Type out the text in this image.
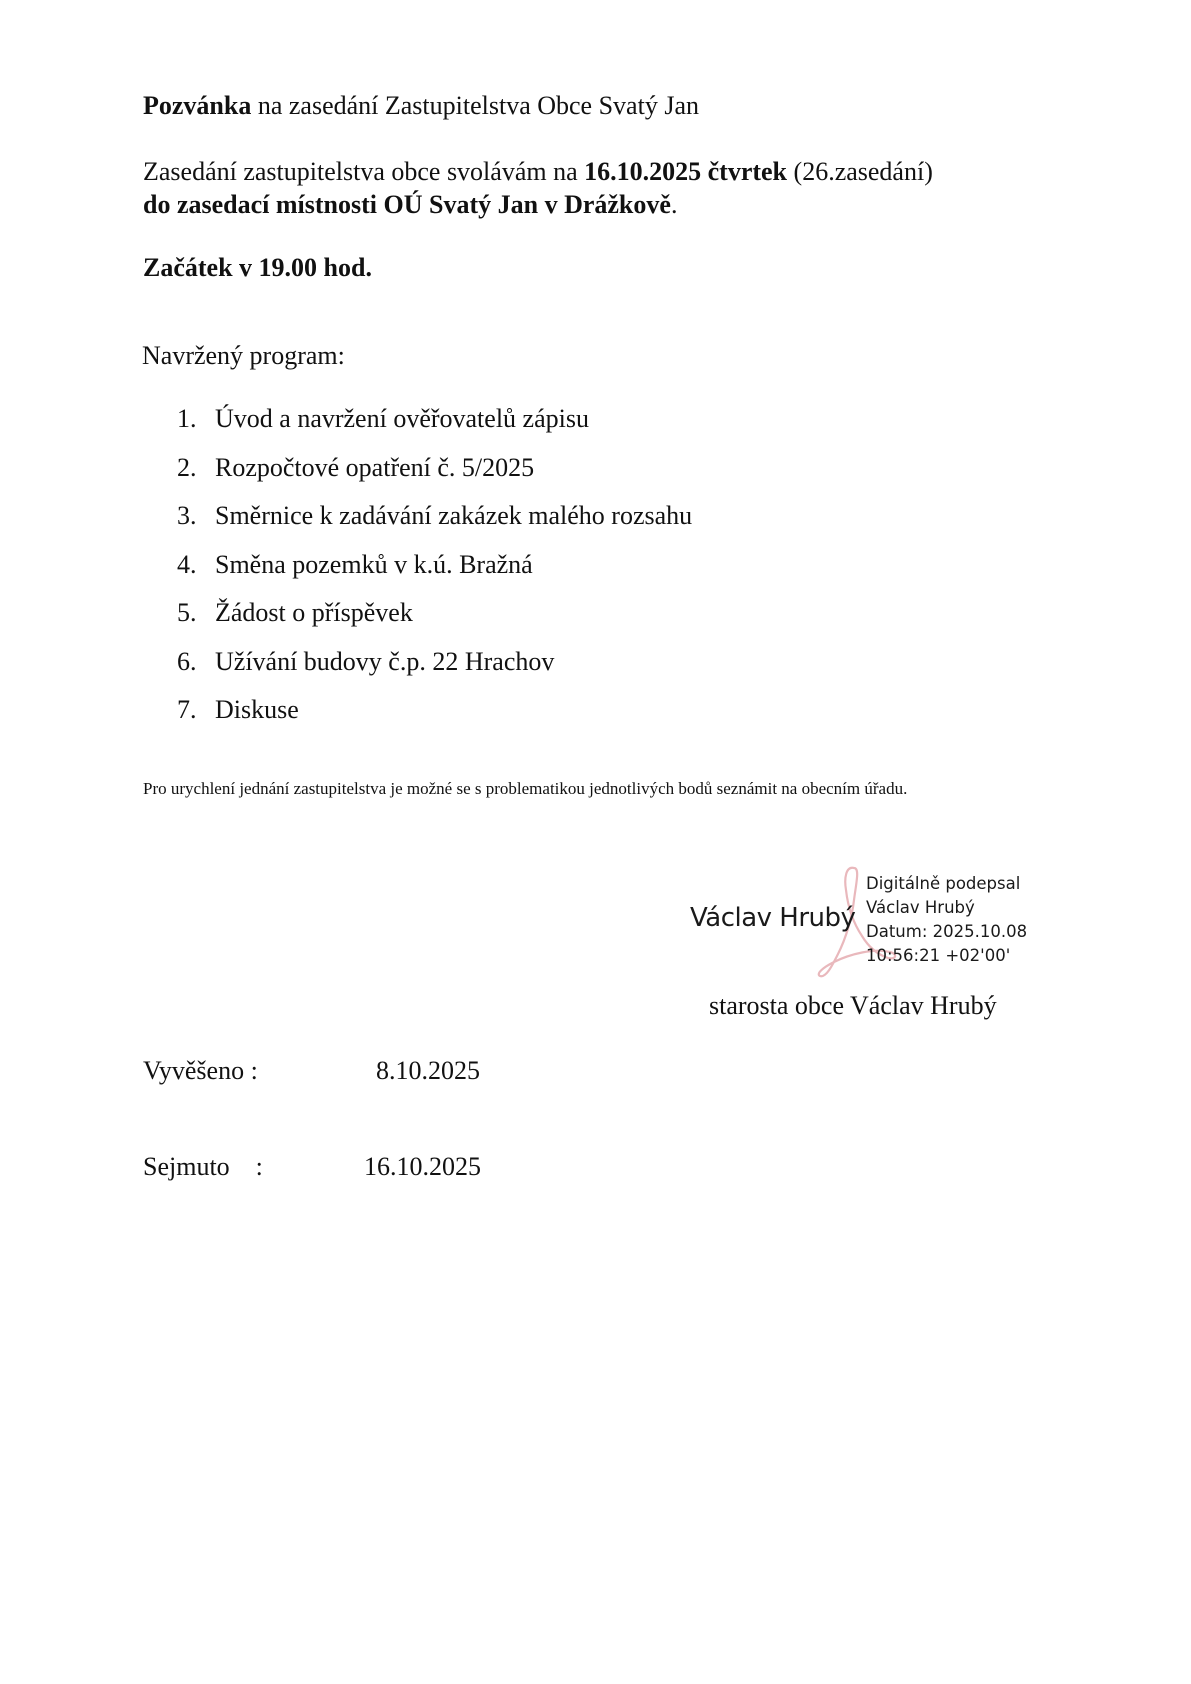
Pozvánka na zasedání Zastupitelstva Obce Svatý Jan
Zasedání zastupitelstva obce svolávám na 16.10.2025 čtvrtek (26.zasedání)
do zasedací místnosti OÚ Svatý Jan v Drážkově.
Začátek v 19.00 hod.
Navržený program:
1. Úvod a navržení ověřovatelů zápisu
2. Rozpočtové opatření č. 5/2025
3. Směrnice k zadávání zakázek malého rozsahu
4. Směna pozemků v k.ú. Bražná
5. Žádost o příspěvek
6. Užívání budovy č.p. 22 Hrachov
7. Diskuse
Pro urychlení jednání zastupitelstva je možné se s problematikou jednotlivých bodů seznámit na obecním úřadu.
Václav Hrubý
Digitálně podepsal
Václav Hrubý
Datum: 2025.10.08
10:56:21 +02'00'
starosta obce Václav Hrubý
Vyvěšeno :	8.10.2025
Sejmuto    :	16.10.2025
